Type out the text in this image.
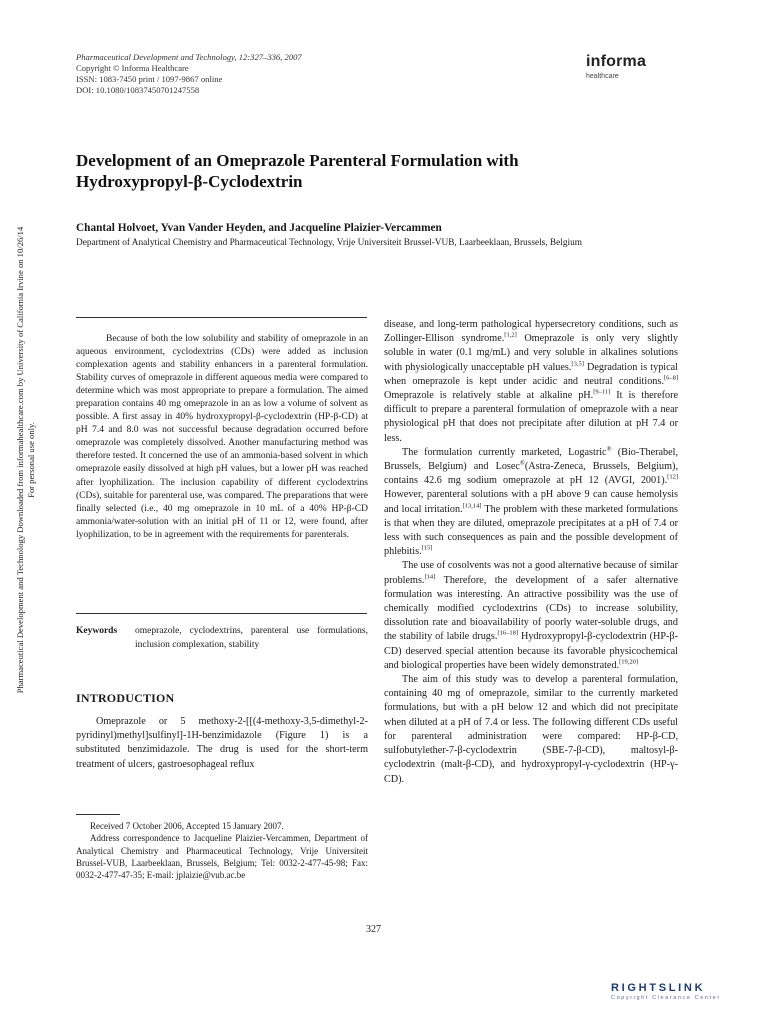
Pharmaceutical Development and Technology, 12:327–336, 2007
Copyright © Informa Healthcare
ISSN: 1083-7450 print / 1097-9867 online
DOI: 10.1080/10837450701247558
informa
healthcare
Pharmaceutical Development and Technology Downloaded from informahealthcare.com by University of California Irvine on 10/26/14 For personal use only.
Development of an Omeprazole Parenteral Formulation with Hydroxypropyl-β-Cyclodextrin
Chantal Holvoet, Yvan Vander Heyden, and Jacqueline Plaizier-Vercammen
Department of Analytical Chemistry and Pharmaceutical Technology, Vrije Universiteit Brussel-VUB, Laarbeeklaan, Brussels, Belgium
Because of both the low solubility and stability of omeprazole in an aqueous environment, cyclodextrins (CDs) were added as inclusion complexation agents and stability enhancers in a parenteral formulation. Stability curves of omeprazole in different aqueous media were compared to determine which was most appropriate to prepare a formulation. The aimed preparation contains 40 mg omeprazole in an as low a volume of solvent as possible. A first assay in 40% hydroxypropyl-β-cyclodextrin (HP-β-CD) at pH 7.4 and 8.0 was not successful because degradation occurred before omeprazole was completely dissolved. Another manufacturing method was therefore tested. It concerned the use of an ammonia-based solvent in which omeprazole easily dissolved at high pH values, but a lower pH was reached after lyophilization. The inclusion capability of different cyclodextrins (CDs), suitable for parenteral use, was compared. The preparations that were finally selected (i.e., 40 mg omeprazole in 10 mL of a 40% HP-β-CD ammonia/water-solution with an initial pH of 11 or 12, were found, after lyophilization, to be in agreement with the requirements for parenterals.
Keywords omeprazole, cyclodextrins, parenteral use formulations, inclusion complexation, stability
INTRODUCTION
Omeprazole or 5 methoxy-2-[[(4-methoxy-3,5-dimethyl-2-pyridinyl)methyl]sulfinyl]-1H-benzimidazole (Figure 1) is a substituted benzimidazole. The drug is used for the short-term treatment of ulcers, gastroesophageal reflux

Received 7 October 2006, Accepted 15 January 2007.

Address correspondence to Jacqueline Plaizier-Vercammen, Department of Analytical Chemistry and Pharmaceutical Technology, Vrije Universiteit Brussel-VUB, Laarbeeklaan, Brussels, Belgium; Tel: 0032-2-477-45-98; Fax: 0032-2-477-47-35; E-mail: jplaizie@vub.ac.be

disease, and long-term pathological hypersecretory conditions, such as Zollinger-Ellison syndrome.[1,2] Omeprazole is only very slightly soluble in water (0.1 mg/mL) and very soluble in alkalines solutions with physiologically unacceptable pH values.[3,5] Degradation is typical when omeprazole is kept under acidic and neutral conditions.[6–8] Omeprazole is relatively stable at alkaline pH.[9–11] It is therefore difficult to prepare a parenteral formulation of omeprazole with a near physiological pH that does not precipitate after dilution at pH 7.4 or less.

The formulation currently marketed, Logastric® (Bio-Therabel, Brussels, Belgium) and Losec®(Astra-Zeneca, Brussels, Belgium), contains 42.6 mg sodium omeprazole at pH 12 (AVGI, 2001).[12] However, parenteral solutions with a pH above 9 can cause hemolysis and local irritation.[13,14] The problem with these marketed formulations is that when they are diluted, omeprazole precipitates at a pH of 7.4 or less with such consequences as pain and the possible development of phlebitis.[15]

The use of cosolvents was not a good alternative because of similar problems.[14] Therefore, the development of a safer alternative formulation was interesting. An attractive possibility was the use of chemically modified cyclodextrins (CDs) to increase solubility, dissolution rate and bioavailability of poorly water-soluble drugs, and the stability of labile drugs.[16–18] Hydroxypropyl-β-cyclodextrin (HP-β-CD) deserved special attention because its favorable physicochemical and biological properties have been widely demonstrated.[19,20]

The aim of this study was to develop a parenteral formulation, containing 40 mg of omeprazole, similar to the currently marketed formulations, but with a pH below 12 and which did not precipitate when diluted at a pH of 7.4 or less. The following different CDs useful for parenteral administration were compared: HP-β-CD, sulfobutylether-7-β-cyclodextrin (SBE-7-β-CD), maltosyl-β-cyclodextrin (malt-β-CD), and hydroxypropyl-γ-cyclodextrin (HP-γ-CD).

327
RIGHTSLINK
Copyright Clearance Center
